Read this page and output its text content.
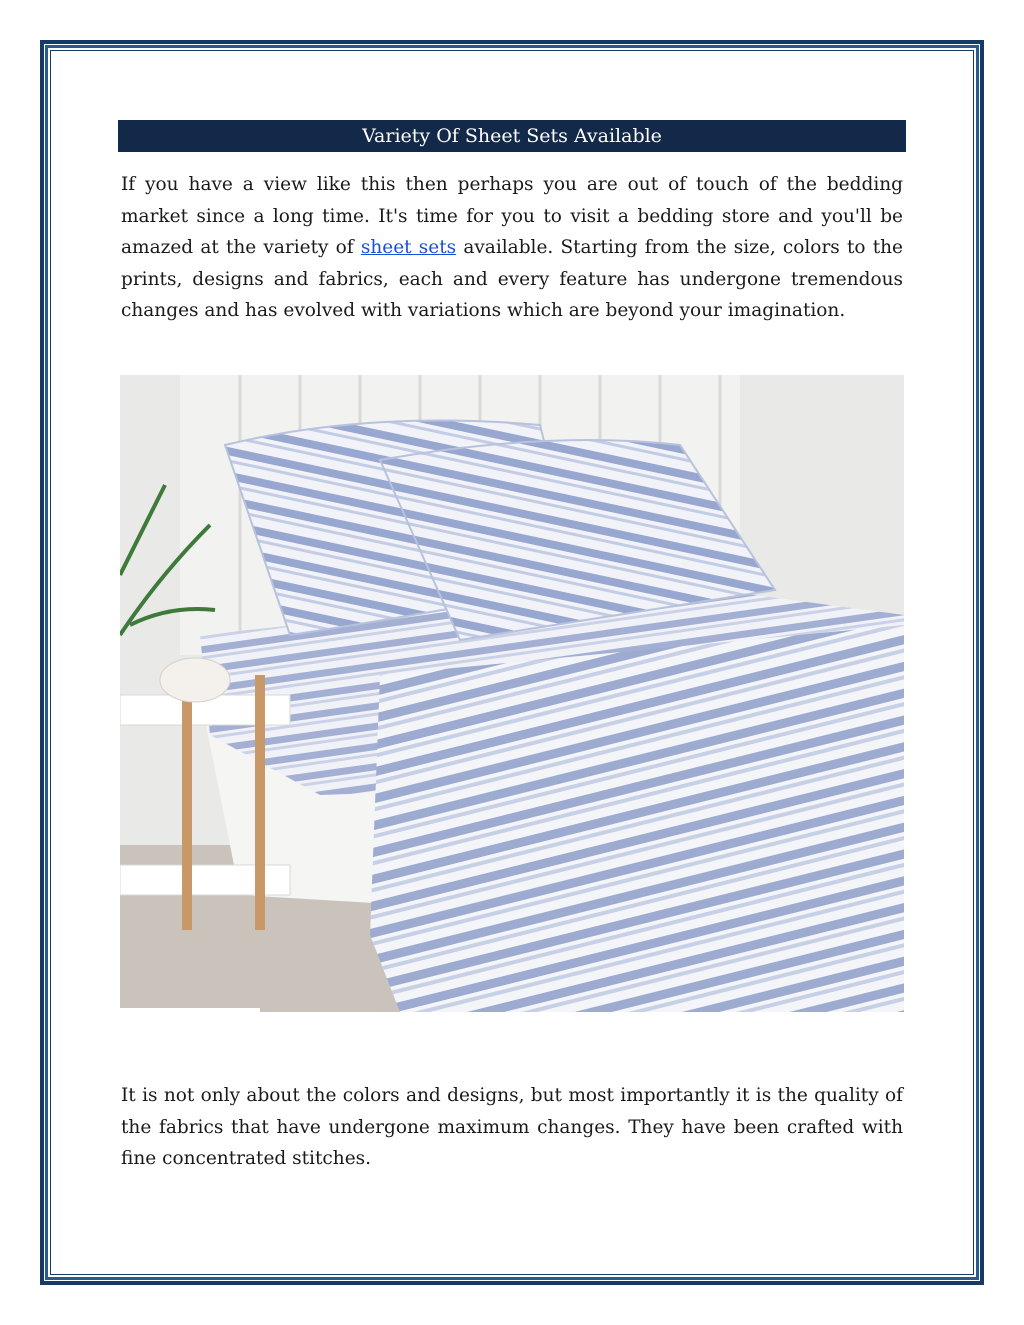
Variety Of Sheet Sets Available

If you have a view like this then perhaps you are out of touch of the bedding market since a long time. It's time for you to visit a bedding store and you'll be amazed at the variety of sheet sets available. Starting from the size, colors to the prints, designs and fabrics, each and every feature has undergone tremendous changes and has evolved with variations which are beyond your imagination.

It is not only about the colors and designs, but most importantly it is the quality of the fabrics that have undergone maximum changes. They have been crafted with fine concentrated stitches.
